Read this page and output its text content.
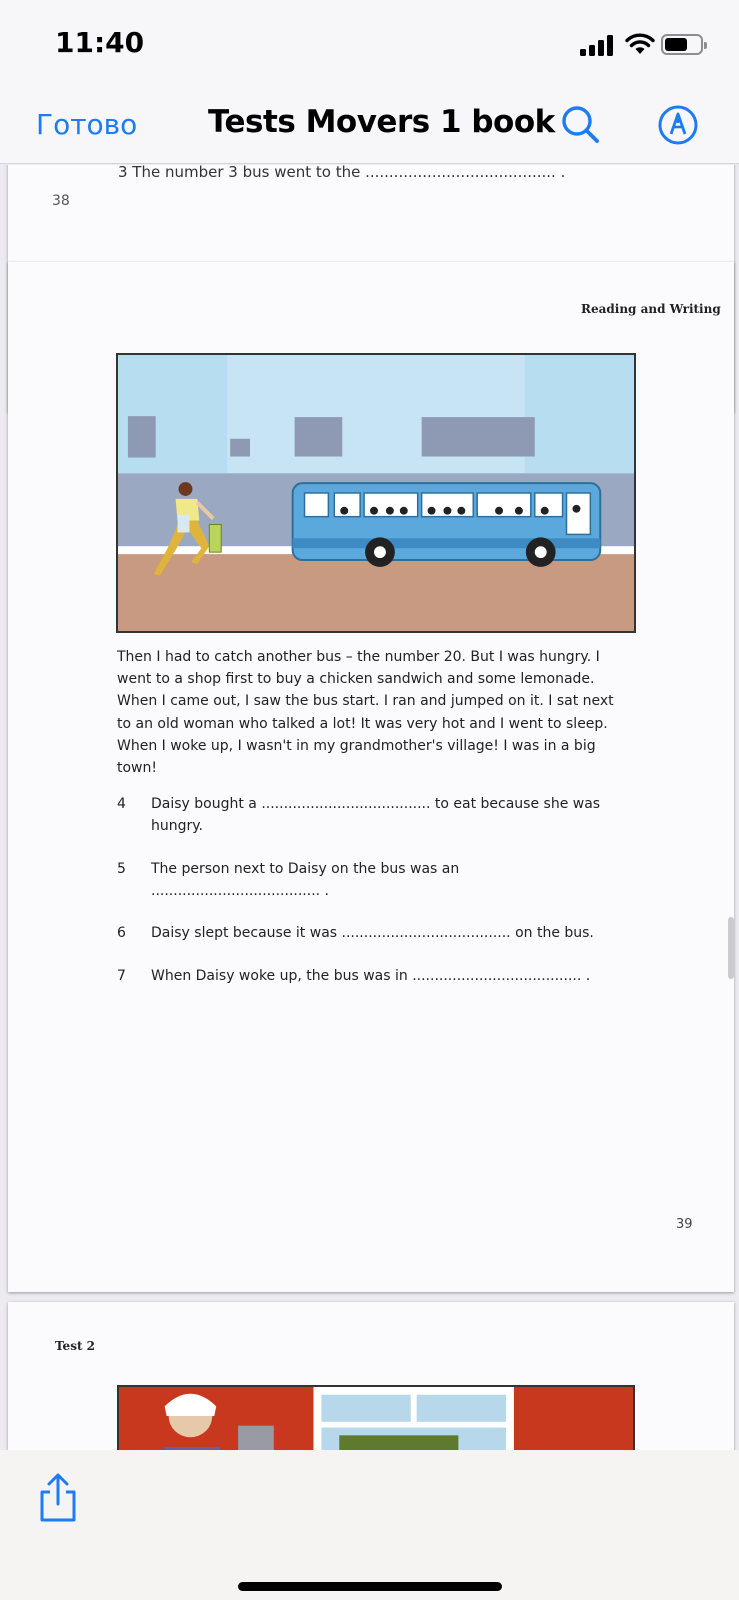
11:40
Готово Tests Movers 1 book
3 The number 3 bus went to the ........................................ .
38
Reading and Writing
Then I had to catch another bus – the number 20. But I was hungry. I
went to a shop first to buy a chicken sandwich and some lemonade.
When I came out, I saw the bus start. I ran and jumped on it. I sat next
to an old woman who talked a lot! It was very hot and I went to sleep.
When I woke up, I wasn't in my grandmother's village! I was in a big
town!
4 Daisy bought a ...................................... to eat because she was
hungry.
5 The person next to Daisy on the bus was an
...................................... .
6 Daisy slept because it was ...................................... on the bus.
7 When Daisy woke up, the bus was in ...................................... .
39
Test 2
